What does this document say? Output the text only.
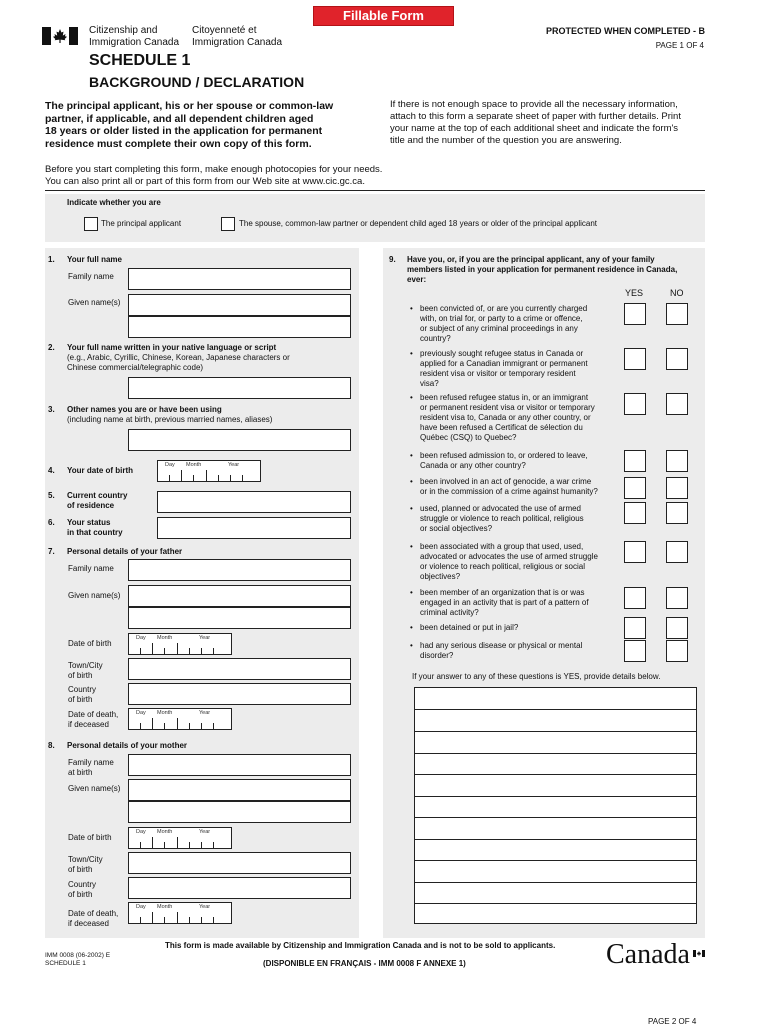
Citizenship and
Immigration Canada
Citoyenneté et
Immigration Canada
Fillable Form
PROTECTED WHEN COMPLETED - B
PAGE 1 OF 4
SCHEDULE 1
BACKGROUND / DECLARATION
The principal applicant, his or her spouse or common-law
partner, if applicable, and all dependent children aged
18 years or older listed in the application for permanent
residence must complete their own copy of this form.
If there is not enough space to provide all the necessary information,
attach to this form a separate sheet of paper with further details. Print
your name at the top of each additional sheet and indicate the form's
title and the number of the question you are answering.
Before you start completing this form, make enough photocopies for your needs.
You can also print all or part of this form from our Web site at www.cic.gc.ca.
Indicate whether you are
The principal applicant	The spouse, common-law partner or dependent child aged 18 years or older of the principal applicant
1. Your full name
Family name
Given name(s)
2. Your full name written in your native language or script
(e.g., Arabic, Cyrillic, Chinese, Korean, Japanese characters or
Chinese commercial/telegraphic code)
3. Other names you are or have been using
(including name at birth, previous married names, aliases)
4. Your date of birth
Day Month	Year
5. Current country
of residence
6. Your status
in that country
7. Personal details of your father
Family name
Given name(s)
Date of birth
Day Month	Year
Town/City
of birth
Country
of birth
Date of death,
if deceased
Day Month	Year
8. Personal details of your mother
Family name
at birth
Given name(s)
Date of birth
Day Month	Year
Town/City
of birth
Country
of birth
Date of death,
if deceased
Day Month	Year
9. Have you, or, if you are the principal applicant, any of your family
members listed in your application for permanent residence in Canada,
ever:
YES	NO
• been convicted of, or are you currently charged
with, on trial for, or party to a crime or offence,
or subject of any criminal proceedings in any
country?
• previously sought refugee status in Canada or
applied for a Canadian immigrant or permanent
resident visa or visitor or temporary resident
visa?
• been refused refugee status in, or an immigrant
or permanent resident visa or visitor or temporary
resident visa to, Canada or any other country, or
have been refused a Certificat de sélection du
Québec (CSQ) to Quebec?
• been refused admission to, or ordered to leave,
Canada or any other country?
• been involved in an act of genocide, a war crime
or in the commission of a crime against humanity?
• used, planned or advocated the use of armed
struggle or violence to reach political, religious
or social objectives?
• been associated with a group that used, used,
advocated or advocates the use of armed struggle
or violence to reach political, religious or social
objectives?
• been member of an organization that is or was
engaged in an activity that is part of a pattern of
criminal activity?
• been detained or put in jail?
• had any serious disease or physical or mental
disorder?
If your answer to any of these questions is YES, provide details below.
IMM 0008 (06-2002) E
SCHEDULE 1
This form is made available by Citizenship and Immigration Canada and is not to be sold to applicants.
(DISPONIBLE EN FRANÇAIS - IMM 0008 F ANNEXE 1)	Canada
PAGE 2 OF 4
